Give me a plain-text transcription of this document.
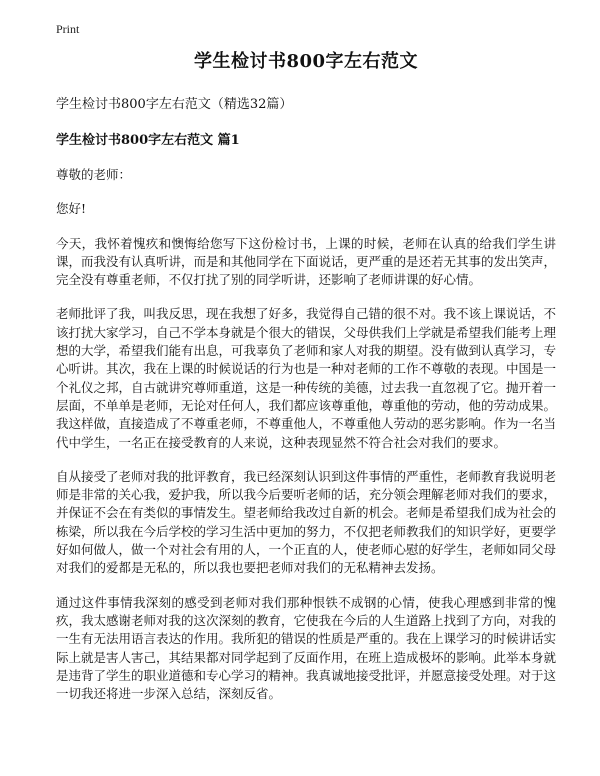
Print
学生检讨书800字左右范文
学生检讨书800字左右范文（精选32篇）
学生检讨书800字左右范文 篇1

尊敬的老师：

您好!

今天，我怀着愧疚和懊悔给您写下这份检讨书，上课的时候，老师在认真的给我们学生讲课，而我没有认真听讲，而是和其他同学在下面说话，更严重的是还若无其事的发出笑声，完全没有尊重老师，不仅打扰了别的同学听讲，还影响了老师讲课的好心情。

老师批评了我，叫我反思，现在我想了好多，我觉得自己错的很不对。我不该上课说话，不该打扰大家学习，自己不学本身就是个很大的错误，父母供我们上学就是希望我们能考上理想的大学，希望我们能有出息，可我辜负了老师和家人对我的期望。没有做到认真学习，专心听讲。其次，我在上课的时候说话的行为也是一种对老师的工作不尊敬的表现。中国是一个礼仪之邦，自古就讲究尊师重道，这是一种传统的美德，过去我一直忽视了它。抛开着一层面，不单单是老师，无论对任何人，我们都应该尊重他，尊重他的劳动，他的劳动成果。我这样做，直接造成了不尊重老师，不尊重他人，不尊重他人劳动的恶劣影响。作为一名当代中学生，一名正在接受教育的人来说，这种表现显然不符合社会对我们的要求。

自从接受了老师对我的批评教育，我已经深刻认识到这件事情的严重性，老师教育我说明老师是非常的关心我，爱护我，所以我今后要听老师的话，充分领会理解老师对我们的要求，并保证不会在有类似的事情发生。望老师给我改过自新的机会。老师是希望我们成为社会的栋梁，所以我在今后学校的学习生活中更加的努力，不仅把老师教我们的知识学好，更要学好如何做人，做一个对社会有用的人，一个正直的人，使老师心慰的好学生，老师如同父母对我们的爱都是无私的，所以我也要把老师对我们的无私精神去发扬。

通过这件事情我深刻的感受到老师对我们那种恨铁不成钢的心情，使我心理感到非常的愧疚，我太感谢老师对我的这次深刻的教育，它使我在今后的人生道路上找到了方向，对我的一生有无法用语言表达的作用。我所犯的错误的性质是严重的。我在上课学习的时候讲话实际上就是害人害己，其结果都对同学起到了反面作用，在班上造成极坏的影响。此举本身就是违背了学生的职业道德和专心学习的精神。我真诚地接受批评，并愿意接受处理。对于这一切我还将进一步深入总结，深刻反省。
